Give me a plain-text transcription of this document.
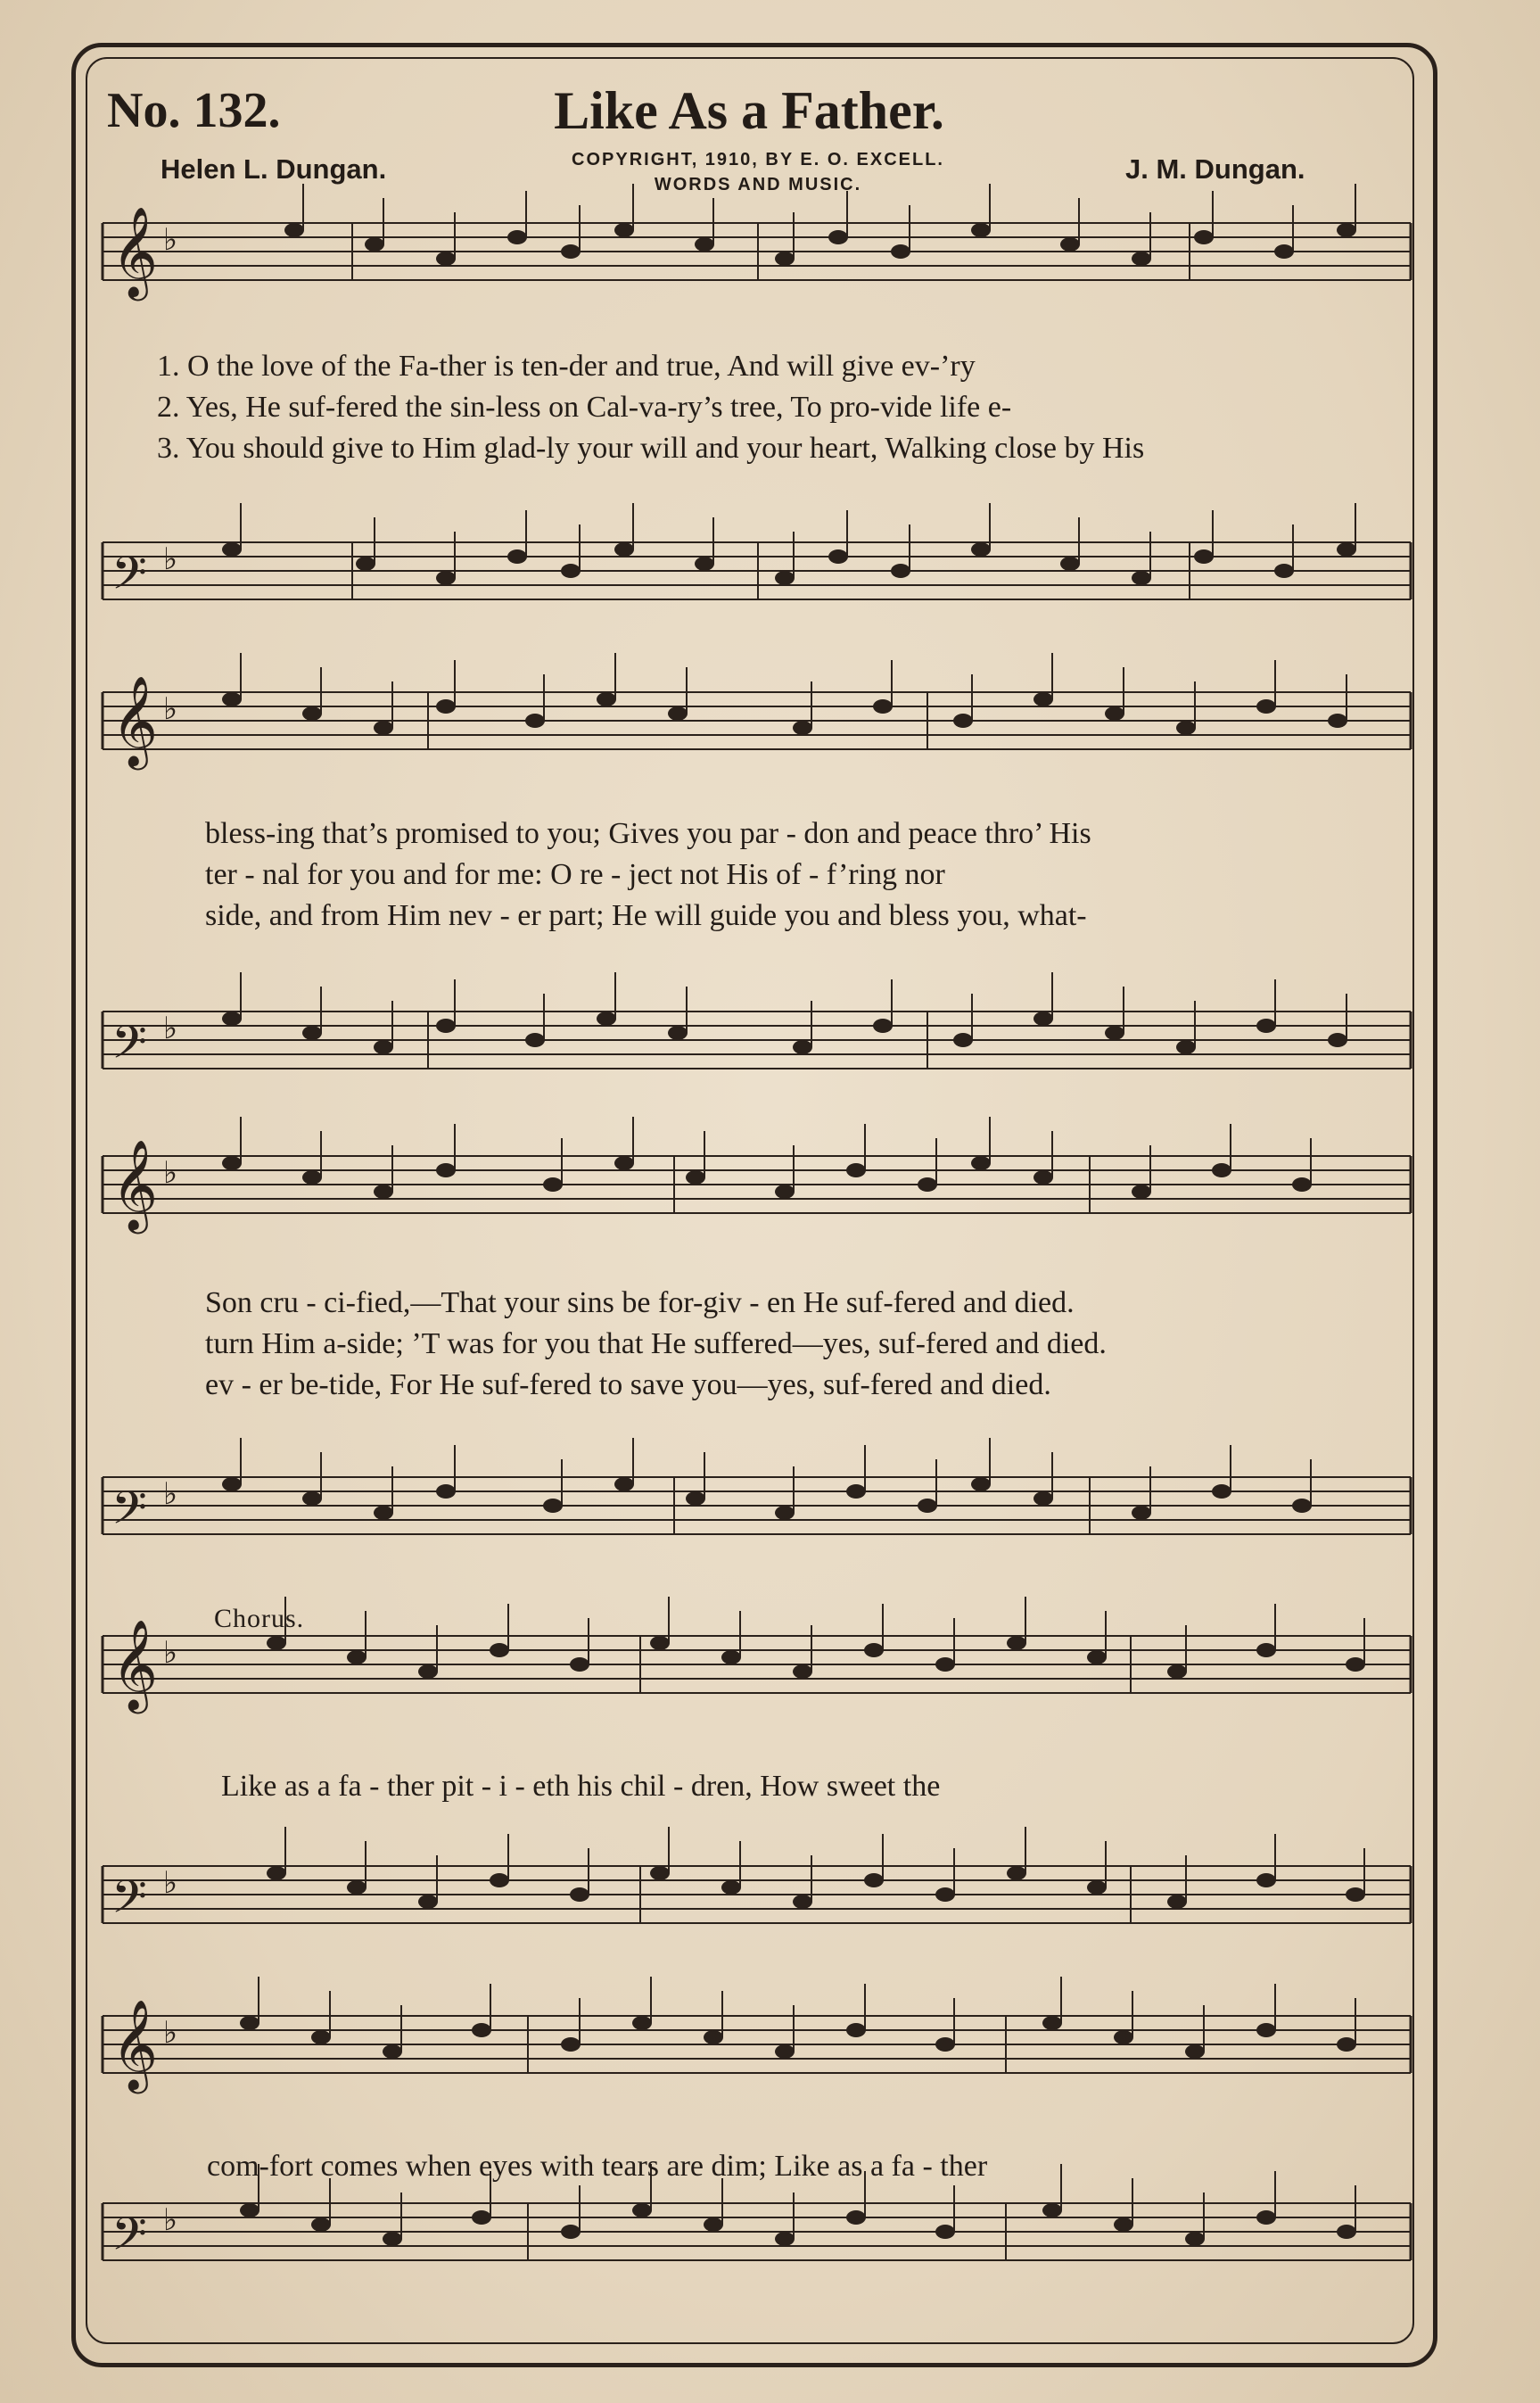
No. 132.	Like As a Father.
Helen L. Dungan.	J. M. Dungan.
COPYRIGHT, 1910, BY E. O. EXCELL.
WORDS AND MUSIC.
𝄞 ♭
𝄢 ♭
𝄞 ♭
𝄢 ♭
𝄞 ♭
𝄢 ♭
𝄞 ♭
𝄢 ♭
𝄞 ♭
𝄢 ♭
1. O the love of the Fa-ther is ten-der and true, And will give ev-’ry
2. Yes, He suf-fered the sin-less on Cal-va-ry’s tree, To pro-vide life e-
3. You should give to Him glad-ly your will and your heart, Walking close by His
bless-ing that’s promised to you; Gives you par - don and peace thro’ His
ter - nal for you and for me: O re - ject not His of - f’ring nor
side, and from Him nev - er part; He will guide you and bless you, what-
Son cru - ci-fied,—That your sins be for-giv - en He suf-fered and died.
turn Him a-side; ’T was for you that He suffered—yes, suf-fered and died.
ev - er be-tide, For He suf-fered to save you—yes, suf-fered and died.
Chorus.
Like as a fa - ther pit - i - eth his chil - dren, How sweet the
com-fort comes when eyes with tears are dim; Like as a fa - ther
